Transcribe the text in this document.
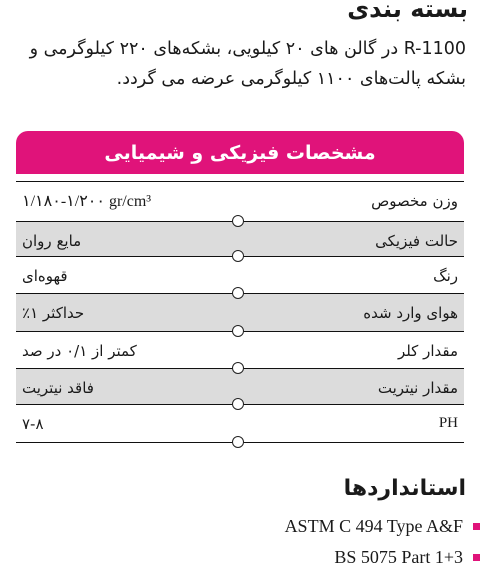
بسته بندی
R-1100 در گالن های ۲۰ کیلویی، بشکه‌های ۲۲۰ کیلوگرمی و بشکه پالت‌های ۱۱۰۰ کیلوگرمی عرضه می گردد.
مشخصات فیزیکی و شیمیایی
۱/۱۸۰-۱/۲۰۰ gr/cm³	وزن مخصوص
مایع روان	حالت فیزیکی
قهوه‌ای	رنگ
حداکثر ۱٪	هوای وارد شده
کمتر از ۰/۱ در صد	مقدار کلر
فاقد نیتریت	مقدار نیتریت
۷-۸	PH
استانداردها
ASTM C 494 Type A&F
BS 5075 Part 1+3
